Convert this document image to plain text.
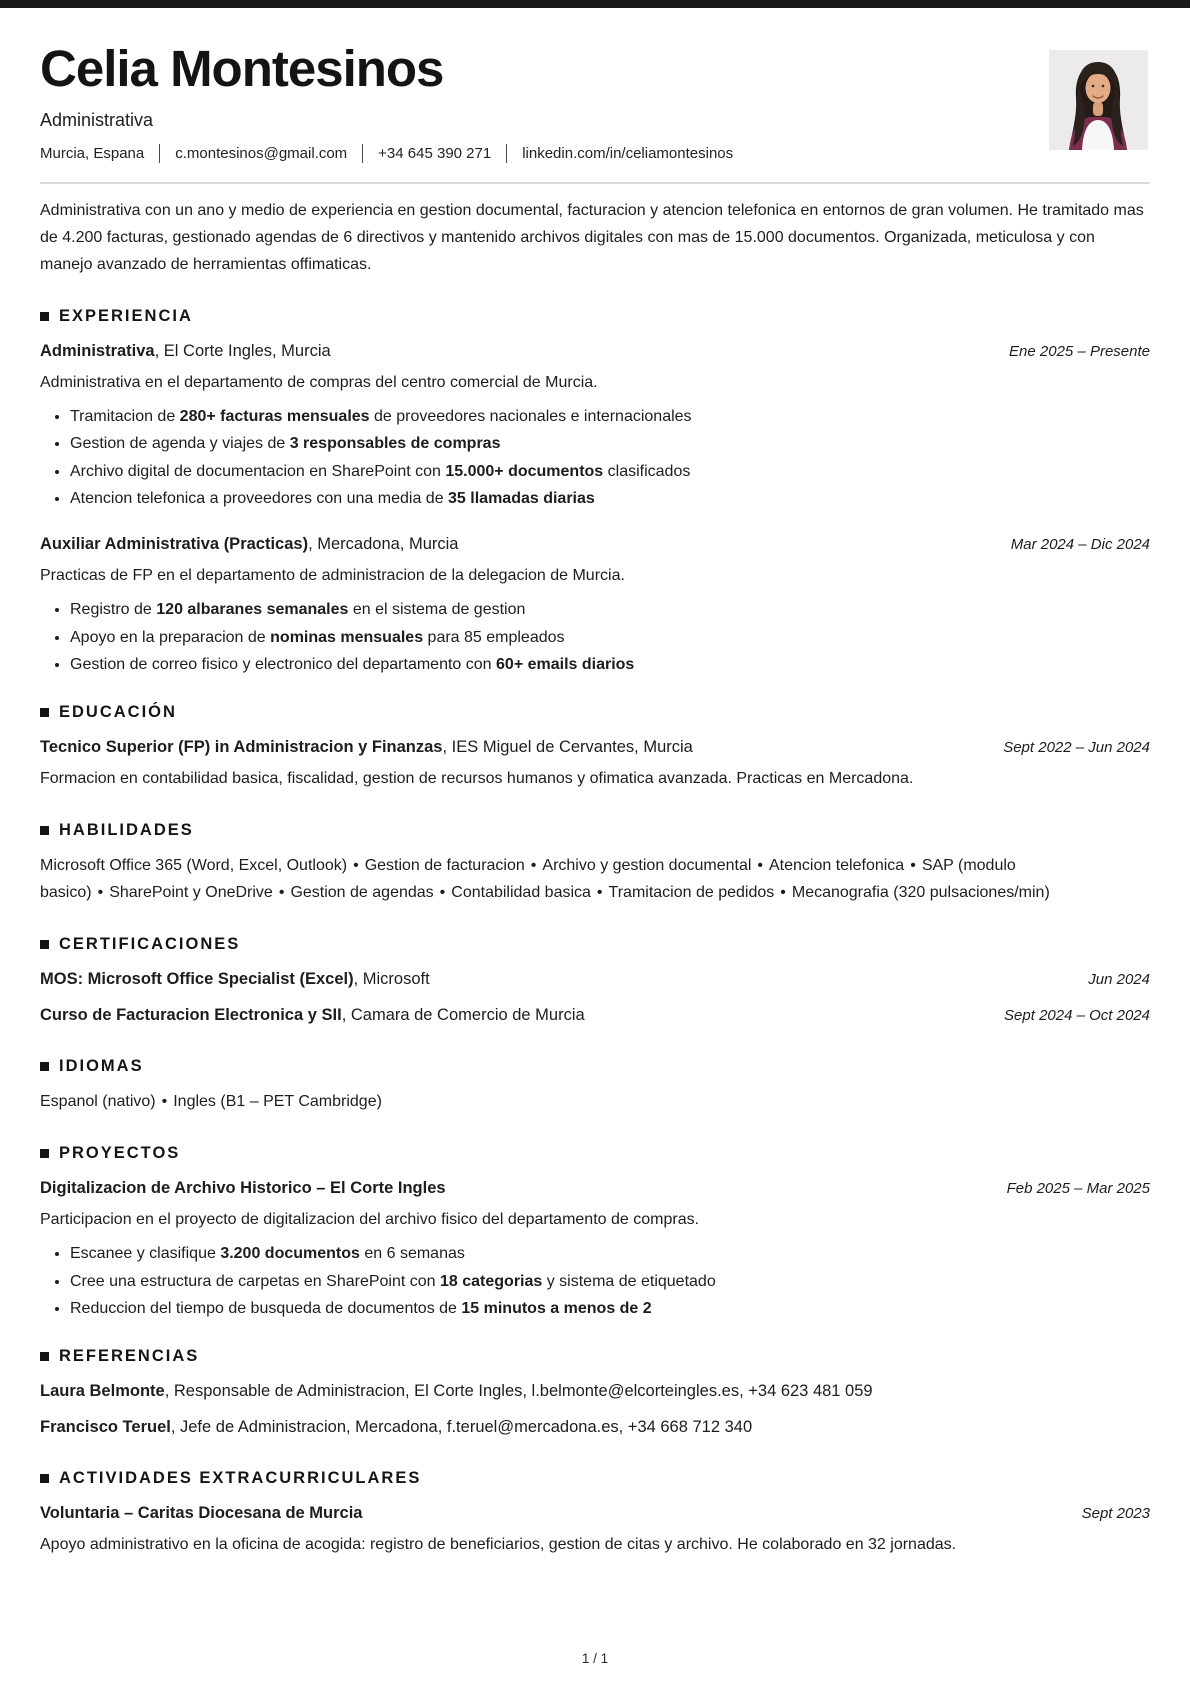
Celia Montesinos
Administrativa
Murcia, Espana c.montesinos@gmail.com +34 645 390 271 linkedin.com/in/celiamontesinos

Administrativa con un ano y medio de experiencia en gestion documental, facturacion y atencion telefonica en entornos de gran volumen. He tramitado mas de 4.200 facturas, gestionado agendas de 6 directivos y mantenido archivos digitales con mas de 15.000 documentos. Organizada, meticulosa y con manejo avanzado de herramientas offimaticas.

EXPERIENCIA
Administrativa, El Corte Ingles, Murcia	Ene 2025 – Presente

Administrativa en el departamento de compras del centro comercial de Murcia.

• Tramitacion de 280+ facturas mensuales de proveedores nacionales e internacionales
• Gestion de agenda y viajes de 3 responsables de compras
• Archivo digital de documentacion en SharePoint con 15.000+ documentos clasificados
• Atencion telefonica a proveedores con una media de 35 llamadas diarias
Auxiliar Administrativa (Practicas), Mercadona, Murcia	Mar 2024 – Dic 2024

Practicas de FP en el departamento de administracion de la delegacion de Murcia.

• Registro de 120 albaranes semanales en el sistema de gestion
• Apoyo en la preparacion de nominas mensuales para 85 empleados
• Gestion de correo fisico y electronico del departamento con 60+ emails diarios
EDUCACIÓN
Tecnico Superior (FP) in Administracion y Finanzas, IES Miguel de Cervantes, Murcia	Sept 2022 – Jun 2024

Formacion en contabilidad basica, fiscalidad, gestion de recursos humanos y ofimatica avanzada. Practicas en Mercadona.

HABILIDADES

Microsoft Office 365 (Word, Excel, Outlook) • Gestion de facturacion • Archivo y gestion documental • Atencion telefonica • SAP (modulo basico) • SharePoint y OneDrive • Gestion de agendas • Contabilidad basica • Tramitacion de pedidos • Mecanografia (320 pulsaciones/min)

CERTIFICACIONES
MOS: Microsoft Office Specialist (Excel), Microsoft	Jun 2024
Curso de Facturacion Electronica y SII, Camara de Comercio de Murcia	Sept 2024 – Oct 2024
IDIOMAS

Espanol (nativo) • Ingles (B1 – PET Cambridge)

PROYECTOS
Digitalizacion de Archivo Historico – El Corte Ingles	Feb 2025 – Mar 2025

Participacion en el proyecto de digitalizacion del archivo fisico del departamento de compras.

• Escanee y clasifique 3.200 documentos en 6 semanas
• Cree una estructura de carpetas en SharePoint con 18 categorias y sistema de etiquetado
• Reduccion del tiempo de busqueda de documentos de 15 minutos a menos de 2
REFERENCIAS
Laura Belmonte, Responsable de Administracion, El Corte Ingles, l.belmonte@elcorteingles.es, +34 623 481 059
Francisco Teruel, Jefe de Administracion, Mercadona, f.teruel@mercadona.es, +34 668 712 340
ACTIVIDADES EXTRACURRICULARES
Voluntaria – Caritas Diocesana de Murcia	Sept 2023

Apoyo administrativo en la oficina de acogida: registro de beneficiarios, gestion de citas y archivo. He colaborado en 32 jornadas.

1 / 1
